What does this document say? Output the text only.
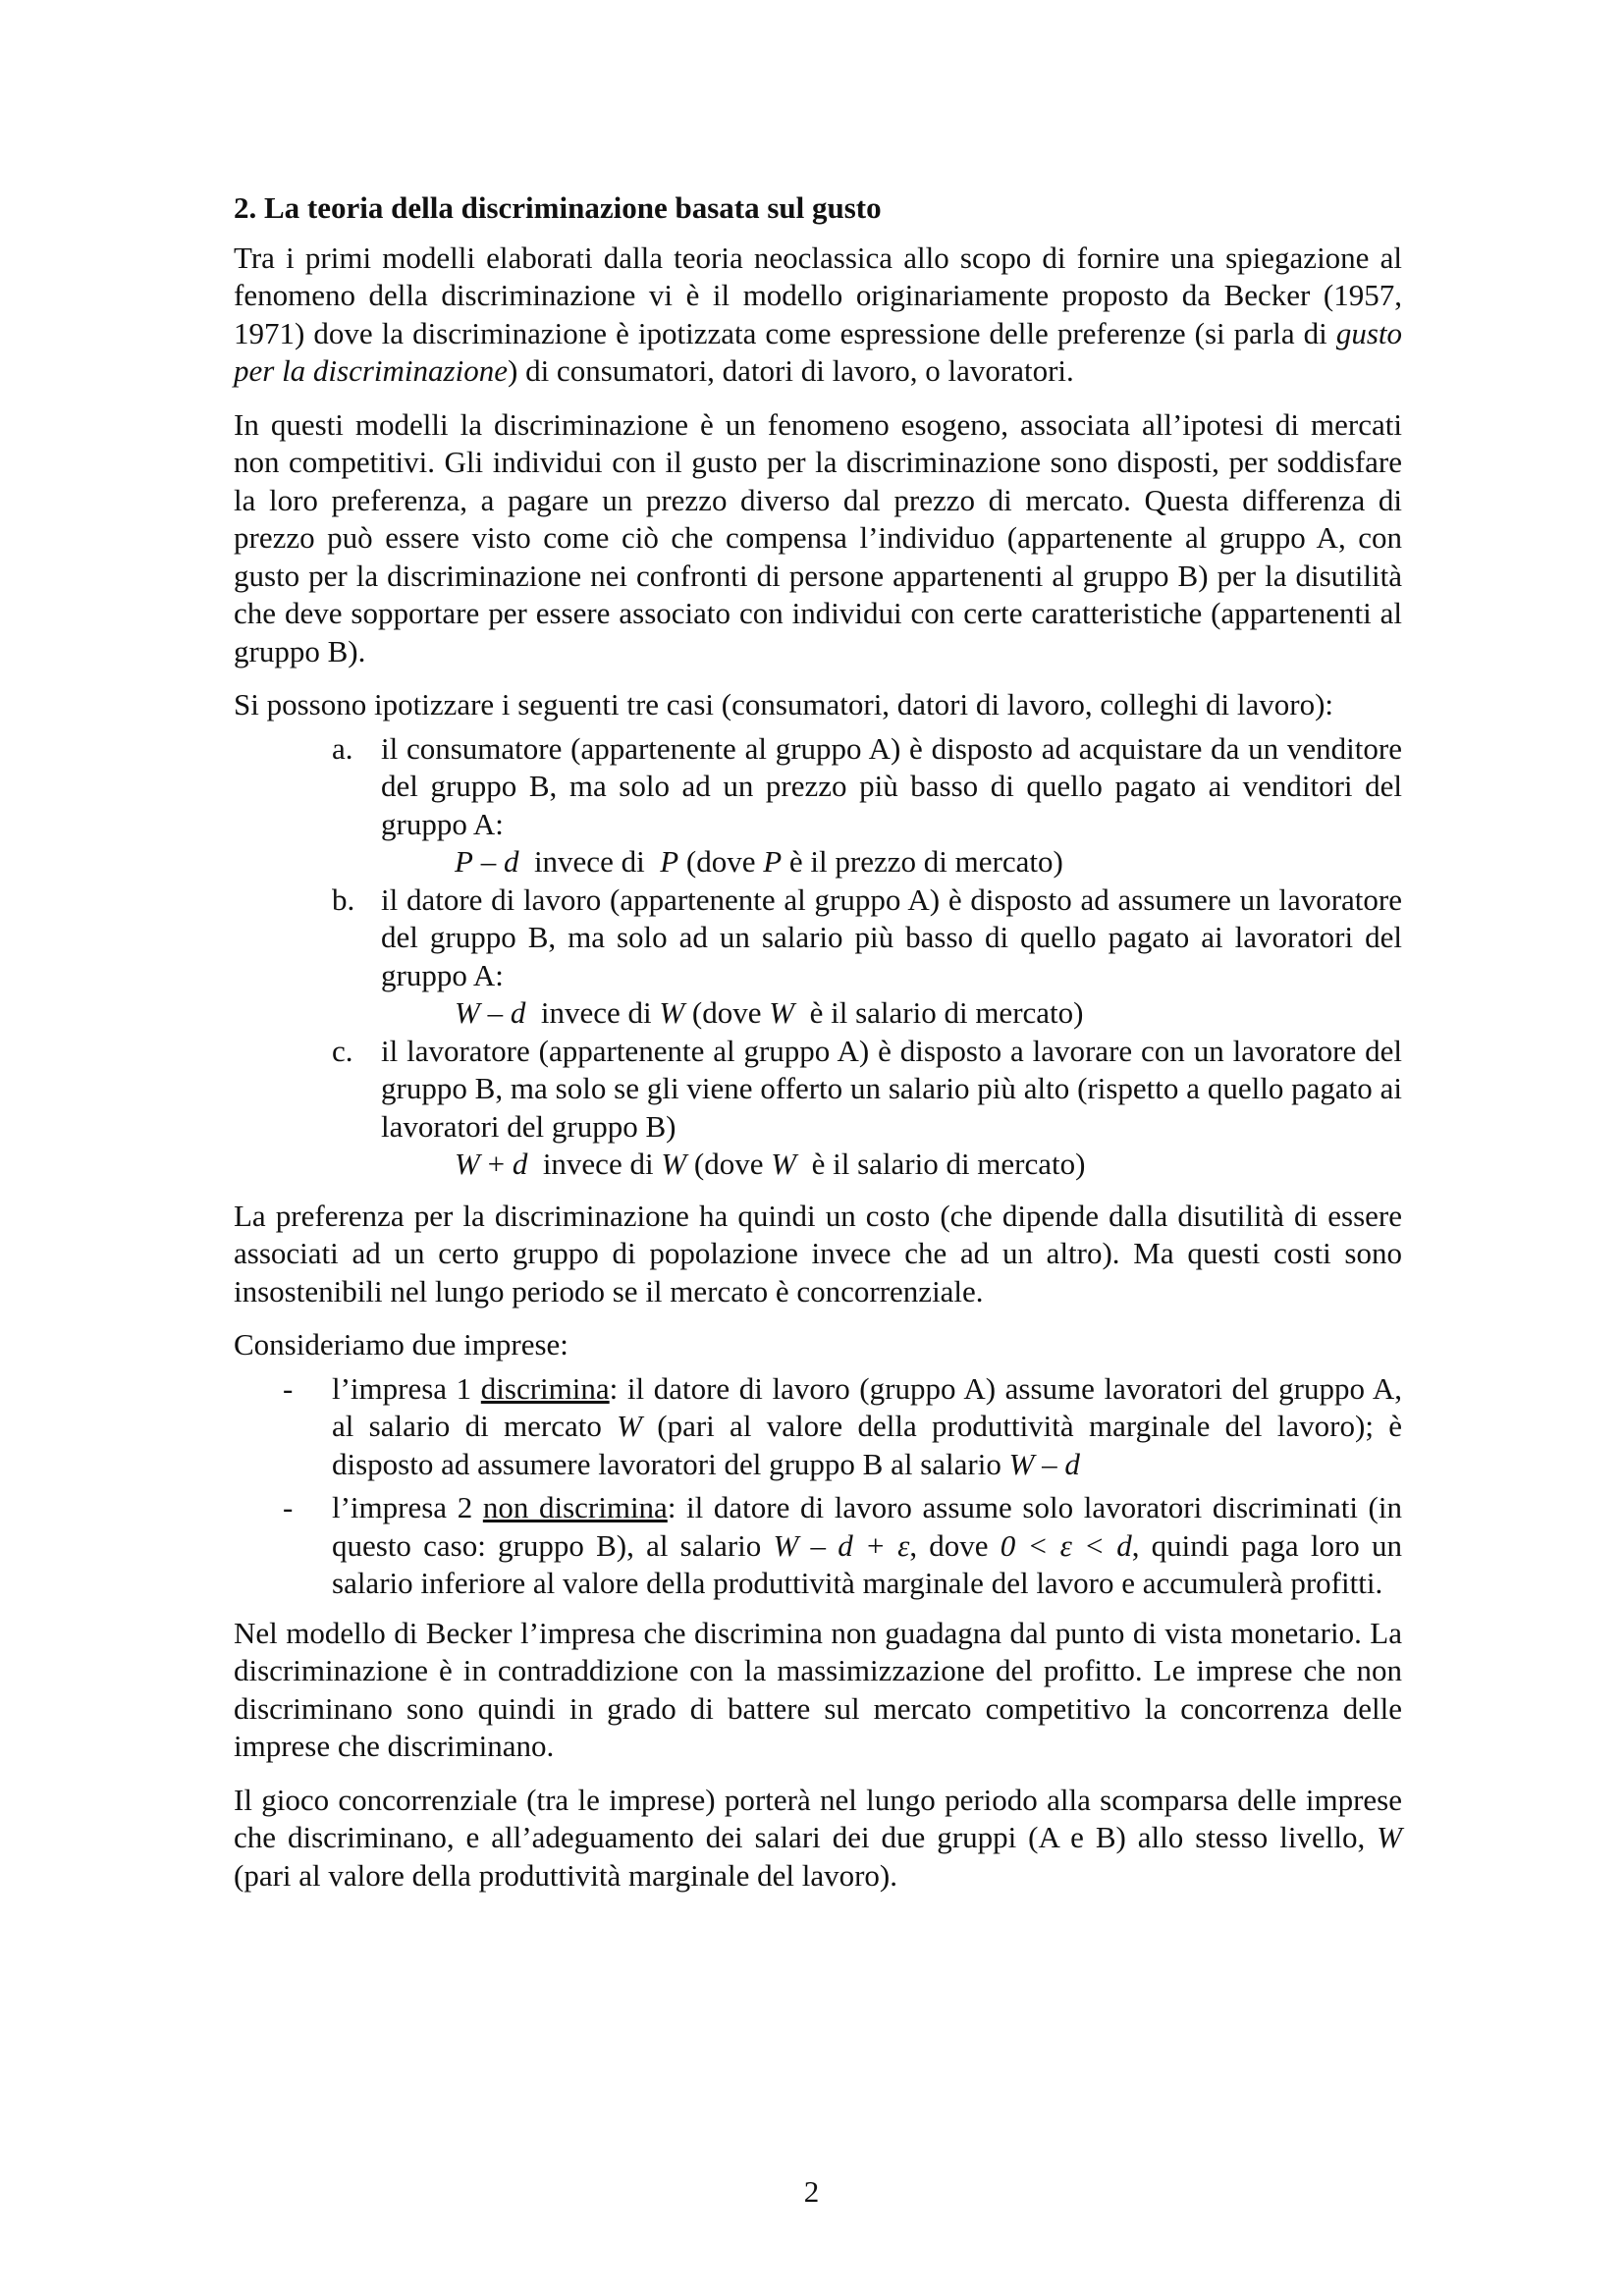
2. La teoria della discriminazione basata sul gusto

Tra i primi modelli elaborati dalla teoria neoclassica allo scopo di fornire una spiegazione al fenomeno della discriminazione vi è il modello originariamente proposto da Becker (1957, 1971) dove la discriminazione è ipotizzata come espressione delle preferenze (si parla di gusto per la discriminazione) di consumatori, datori di lavoro, o lavoratori.

In questi modelli la discriminazione è un fenomeno esogeno, associata all’ipotesi di mercati non competitivi. Gli individui con il gusto per la discriminazione sono disposti, per soddisfare la loro preferenza, a pagare un prezzo diverso dal prezzo di mercato. Questa differenza di prezzo può essere visto come ciò che compensa l’individuo (appartenente al gruppo A, con gusto per la discriminazione nei confronti di persone appartenenti al gruppo B) per la disutilità che deve sopportare per essere associato con individui con certe caratteristiche (appartenenti al gruppo B).

Si possono ipotizzare i seguenti tre casi (consumatori, datori di lavoro, colleghi di lavoro):

a. il consumatore (appartenente al gruppo A) è disposto ad acquistare da un venditore del gruppo B, ma solo ad un prezzo più basso di quello pagato ai venditori del gruppo A:
P – d  invece di  P (dove P è il prezzo di mercato)
b. il datore di lavoro (appartenente al gruppo A) è disposto ad assumere un lavoratore del gruppo B, ma solo ad un salario più basso di quello pagato ai lavoratori del gruppo A:
W – d  invece di W (dove W  è il salario di mercato)
c. il lavoratore (appartenente al gruppo A) è disposto a lavorare con un lavoratore del gruppo B, ma solo se gli viene offerto un salario più alto (rispetto a quello pagato ai lavoratori del gruppo B)
W + d  invece di W (dove W  è il salario di mercato)

La preferenza per la discriminazione ha quindi un costo (che dipende dalla disutilità di essere associati ad un certo gruppo di popolazione invece che ad un altro). Ma questi costi sono insostenibili nel lungo periodo se il mercato è concorrenziale.

Consideriamo due imprese:

-	l’impresa 1 discrimina: il datore di lavoro (gruppo A) assume lavoratori del gruppo A, al salario di mercato W (pari al valore della produttività marginale del lavoro); è disposto ad assumere lavoratori del gruppo B al salario W – d
-	l’impresa 2 non discrimina: il datore di lavoro assume solo lavoratori discriminati (in questo caso: gruppo B), al salario W – d + ε, dove 0 < ε < d, quindi paga loro un salario inferiore al valore della produttività marginale del lavoro e accumulerà profitti.

Nel modello di Becker l’impresa che discrimina non guadagna dal punto di vista monetario. La discriminazione è in contraddizione con la massimizzazione del profitto. Le imprese che non discriminano sono quindi in grado di battere sul mercato competitivo la concorrenza delle imprese che discriminano.

Il gioco concorrenziale (tra le imprese) porterà nel lungo periodo alla scomparsa delle imprese che discriminano, e all’adeguamento dei salari dei due gruppi (A e B) allo stesso livello, W (pari al valore della produttività marginale del lavoro).

2
